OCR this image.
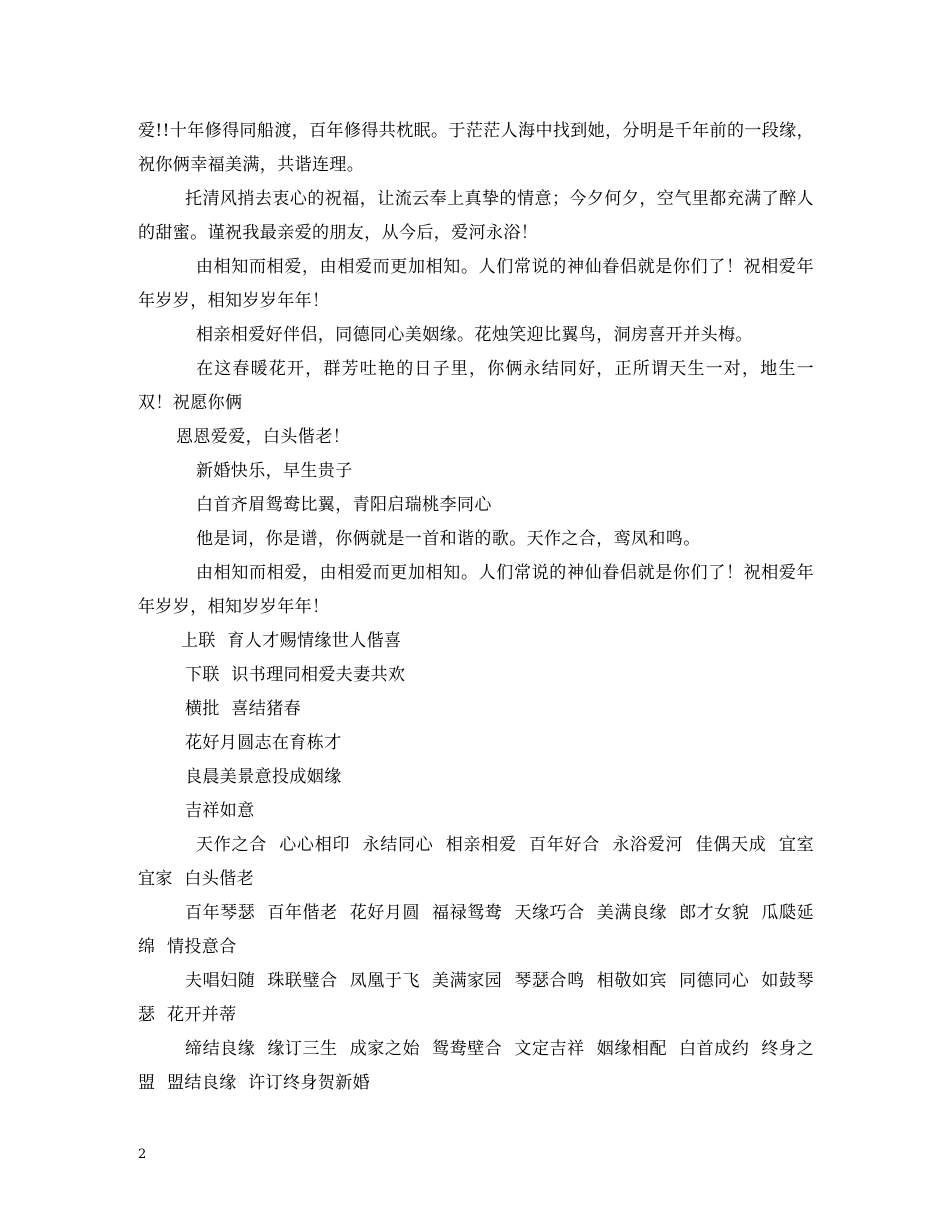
爱!!十年修得同船渡，百年修得共枕眠。于茫茫人海中找到她，分明是千年前的一段缘，祝你俩幸福美满，共谐连理。

托清风捎去衷心的祝福，让流云奉上真挚的情意；今夕何夕，空气里都充满了醉人的甜蜜。谨祝我最亲爱的朋友，从今后，爱河永浴！

由相知而相爱，由相爱而更加相知。人们常说的神仙眷侣就是你们了！祝相爱年年岁岁，相知岁岁年年！

相亲相爱好伴侣，同德同心美姻缘。花烛笑迎比翼鸟，洞房喜开并头梅。

在这春暖花开，群芳吐艳的日子里，你俩永结同好，正所谓天生一对，地生一双！祝愿你俩

恩恩爱爱，白头偕老！

新婚快乐，早生贵子

白首齐眉鸳鸯比翼，青阳启瑞桃李同心

他是词，你是谱，你俩就是一首和谐的歌。天作之合，鸾凤和鸣。

由相知而相爱，由相爱而更加相知。人们常说的神仙眷侣就是你们了！祝相爱年年岁岁，相知岁岁年年！

上联  育人才赐情缘世人偕喜

下联  识书理同相爱夫妻共欢

横批  喜结猪春

花好月圆志在育栋才

良晨美景意投成姻缘

吉祥如意

天作之合  心心相印  永结同心  相亲相爱  百年好合  永浴爱河  佳偶天成  宜室宜家  白头偕老

百年琴瑟  百年偕老  花好月圆  福禄鸳鸯  天缘巧合  美满良缘  郎才女貌  瓜瓞延绵  情投意合

夫唱妇随  珠联璧合  凤凰于飞  美满家园  琴瑟合鸣  相敬如宾  同德同心  如鼓琴瑟  花开并蒂

缔结良缘  缘订三生  成家之始  鸳鸯壁合  文定吉祥  姻缘相配  白首成约  终身之盟  盟结良缘  许订终身贺新婚

2
